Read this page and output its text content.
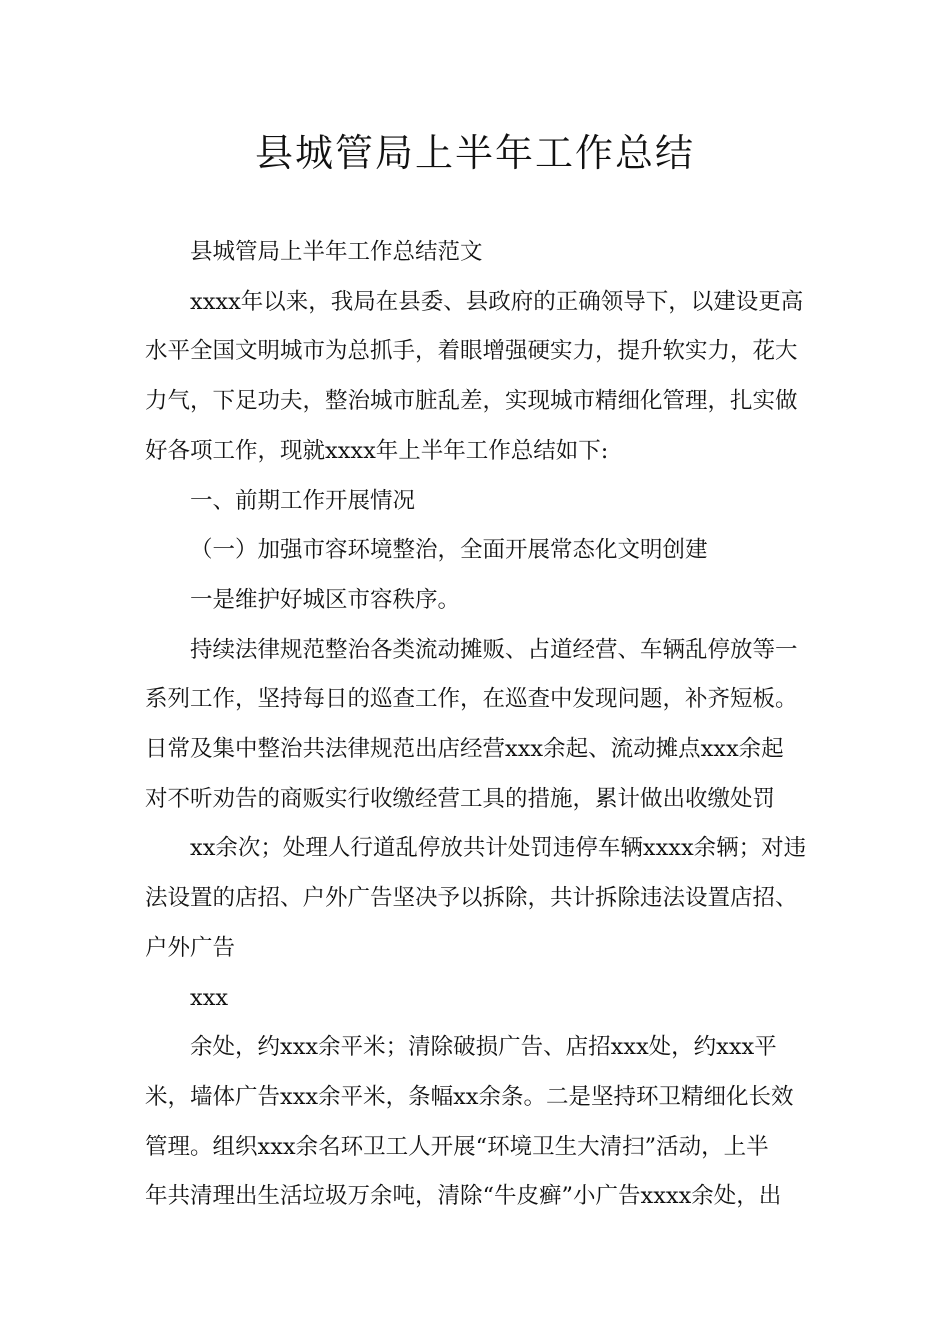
县城管局上半年工作总结

县城管局上半年工作总结范文

xxxx年以来，我局在县委、县政府的正确领导下，以建设更高

水平全国文明城市为总抓手，着眼增强硬实力，提升软实力，花大

力气，下足功夫，整治城市脏乱差，实现城市精细化管理，扎实做

好各项工作，现就xxxx年上半年工作总结如下:

一、前期工作开展情况

（一）加强市容环境整治，全面开展常态化文明创建

一是维护好城区市容秩序。

持续法律规范整治各类流动摊贩、占道经营、车辆乱停放等一

系列工作，坚持每日的巡查工作，在巡查中发现问题，补齐短板。

日常及集中整治共法律规范出店经营xxx余起、流动摊点xxx余起

对不听劝告的商贩实行收缴经营工具的措施，累计做出收缴处罚

xx余次；处理人行道乱停放共计处罚违停车辆xxxx余辆；对违

法设置的店招、户外广告坚决予以拆除，共计拆除违法设置店招、

户外广告

xxx

余处，约xxx余平米；清除破损广告、店招xxx处，约xxx平

米，墙体广告xxx余平米，条幅xx余条。二是坚持环卫精细化长效

管理。组织xxx余名环卫工人开展“环境卫生大清扫”活动，上半

年共清理出生活垃圾万余吨，清除“牛皮癣”小广告xxxx余处，出
